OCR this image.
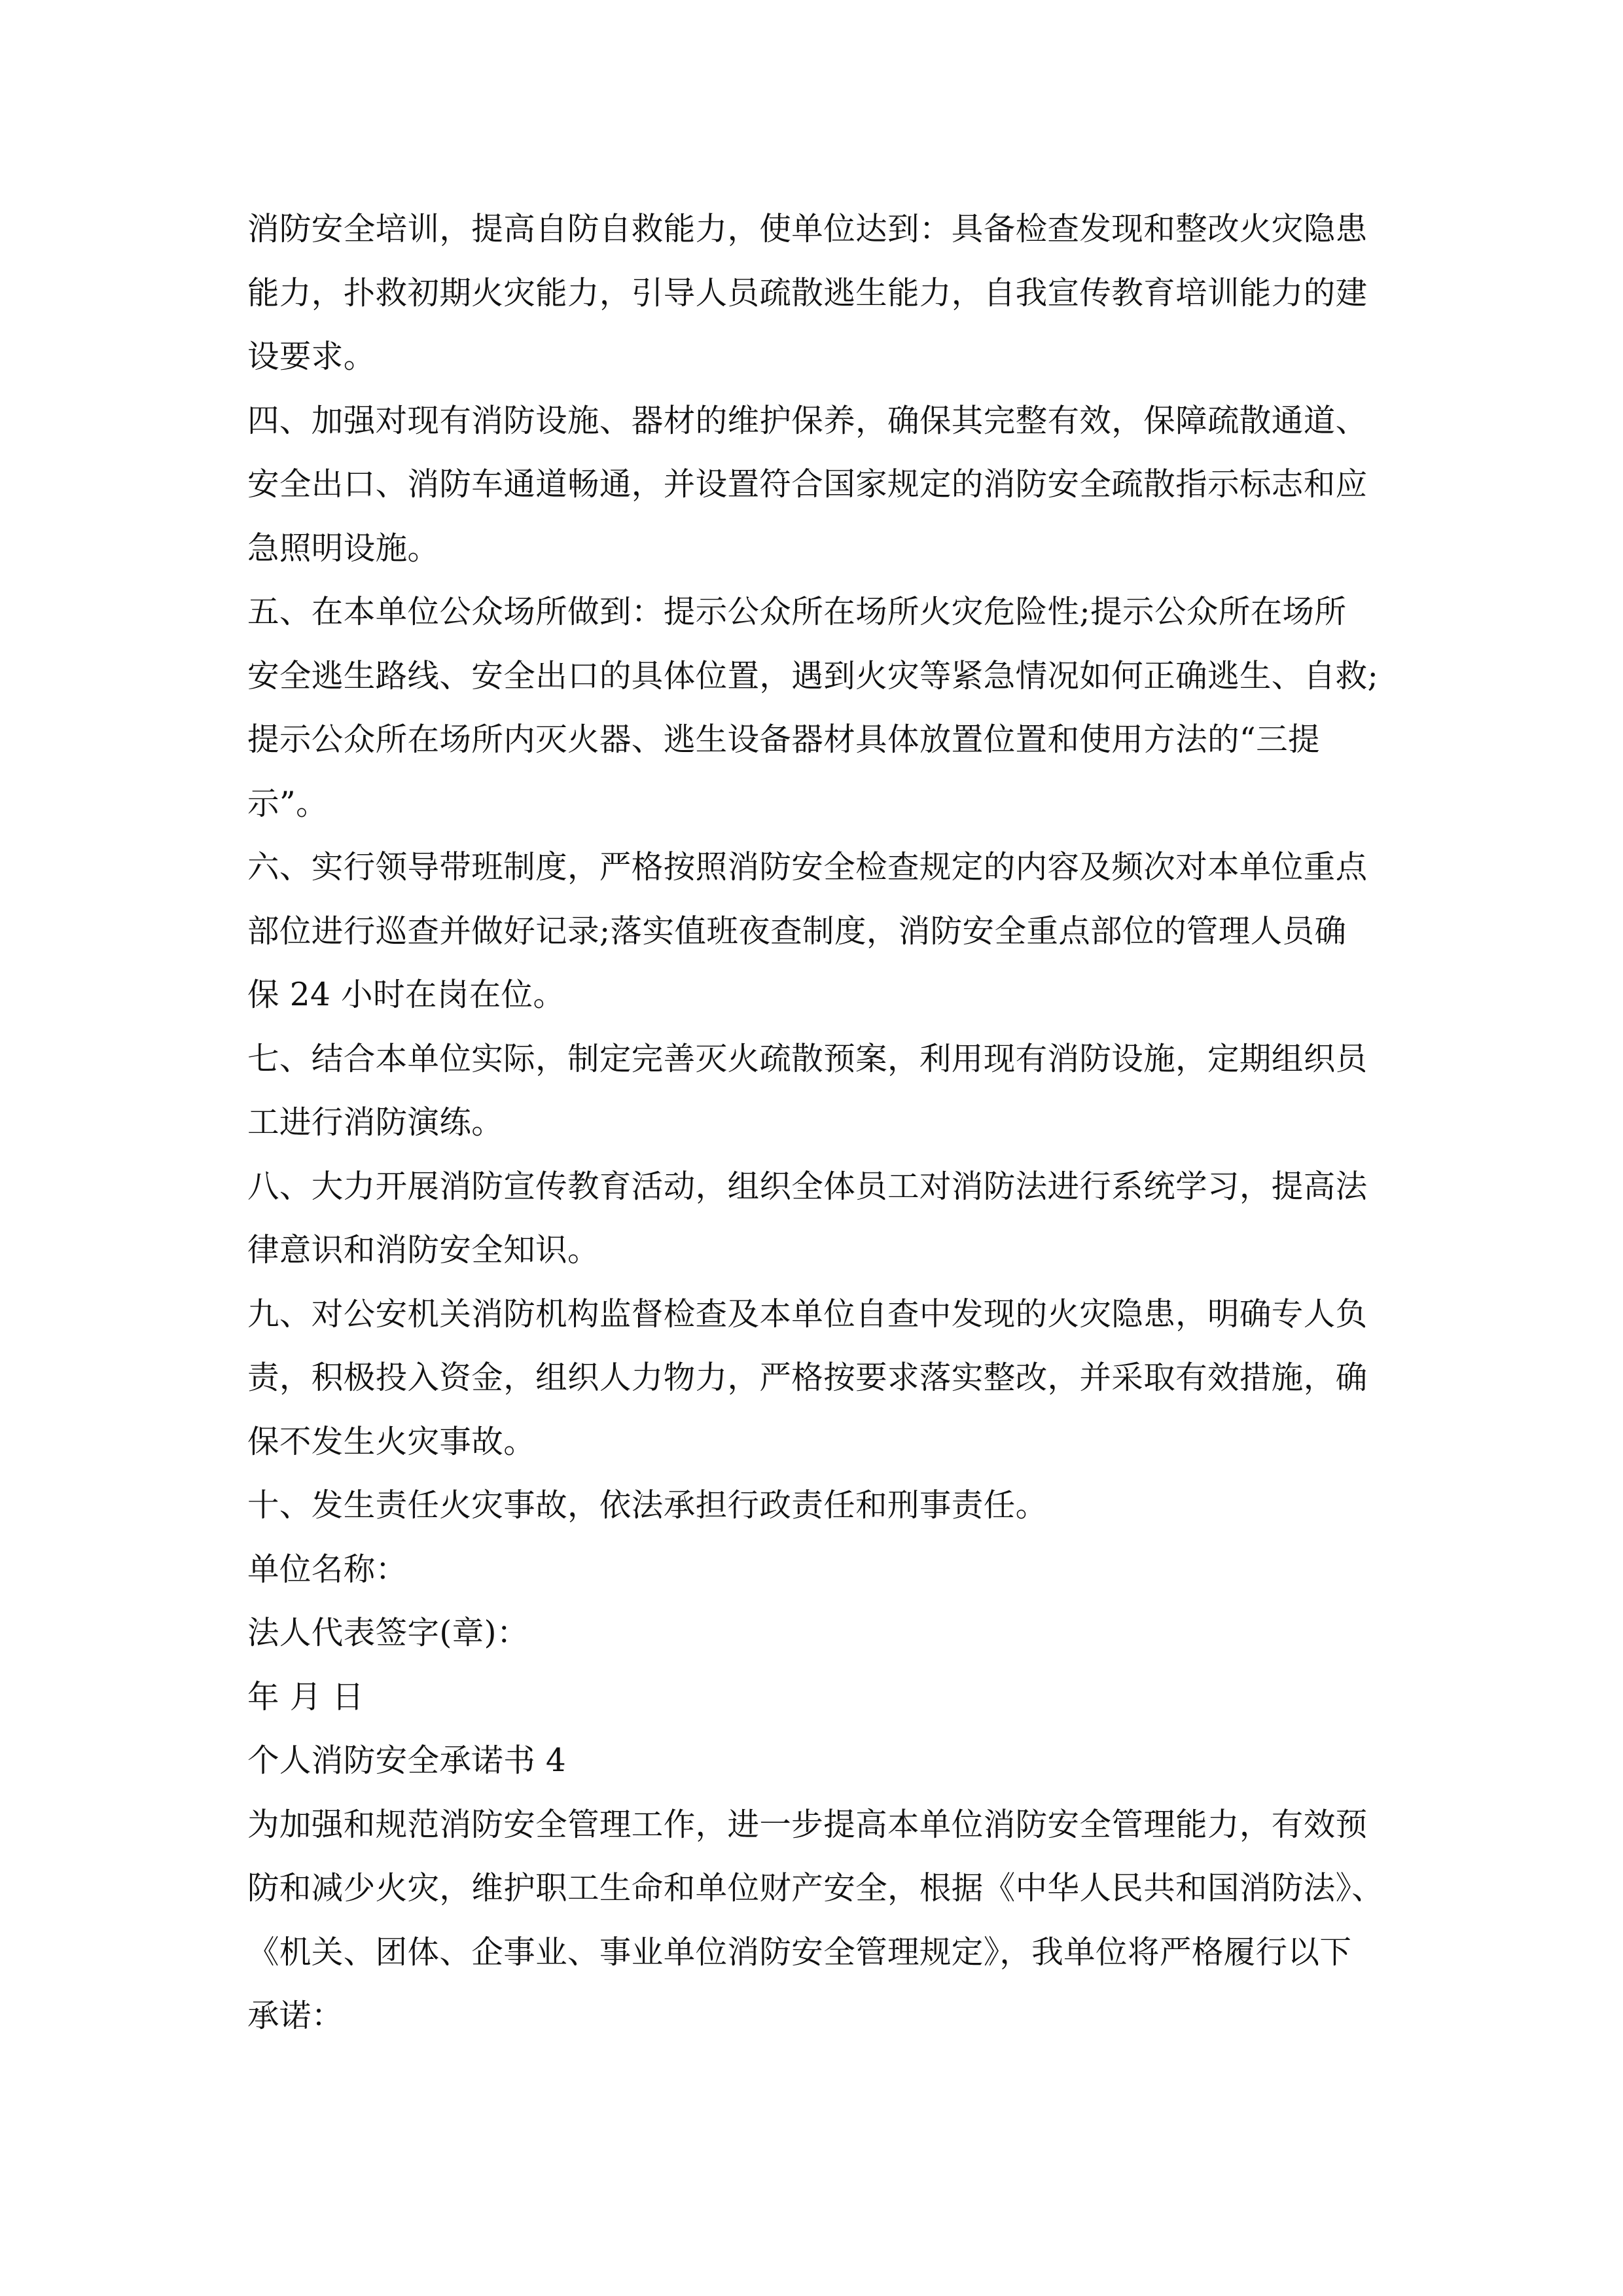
消防安全培训，提高自防自救能力，使单位达到：具备检查发现和整改火灾隐患
能力，扑救初期火灾能力，引导人员疏散逃生能力，自我宣传教育培训能力的建
设要求。
四、加强对现有消防设施、器材的维护保养，确保其完整有效，保障疏散通道、
安全出口、消防车通道畅通，并设置符合国家规定的消防安全疏散指示标志和应
急照明设施。
五、在本单位公众场所做到：提示公众所在场所火灾危险性;提示公众所在场所
安全逃生路线、安全出口的具体位置，遇到火灾等紧急情况如何正确逃生、自救;
提示公众所在场所内灭火器、逃生设备器材具体放置位置和使用方法的“三提
示”。
六、实行领导带班制度，严格按照消防安全检查规定的内容及频次对本单位重点
部位进行巡查并做好记录;落实值班夜查制度，消防安全重点部位的管理人员确
保 24 小时在岗在位。
七、结合本单位实际，制定完善灭火疏散预案，利用现有消防设施，定期组织员
工进行消防演练。
八、大力开展消防宣传教育活动，组织全体员工对消防法进行系统学习，提高法
律意识和消防安全知识。
九、对公安机关消防机构监督检查及本单位自查中发现的火灾隐患，明确专人负
责，积极投入资金，组织人力物力，严格按要求落实整改，并采取有效措施，确
保不发生火灾事故。
十、发生责任火灾事故，依法承担行政责任和刑事责任。
单位名称：
法人代表签字(章)：
年 月 日
个人消防安全承诺书 4
为加强和规范消防安全管理工作，进一步提高本单位消防安全管理能力，有效预
防和减少火灾，维护职工生命和单位财产安全，根据《中华人民共和国消防法》、
《机关、团体、企事业、事业单位消防安全管理规定》，我单位将严格履行以下
承诺：
